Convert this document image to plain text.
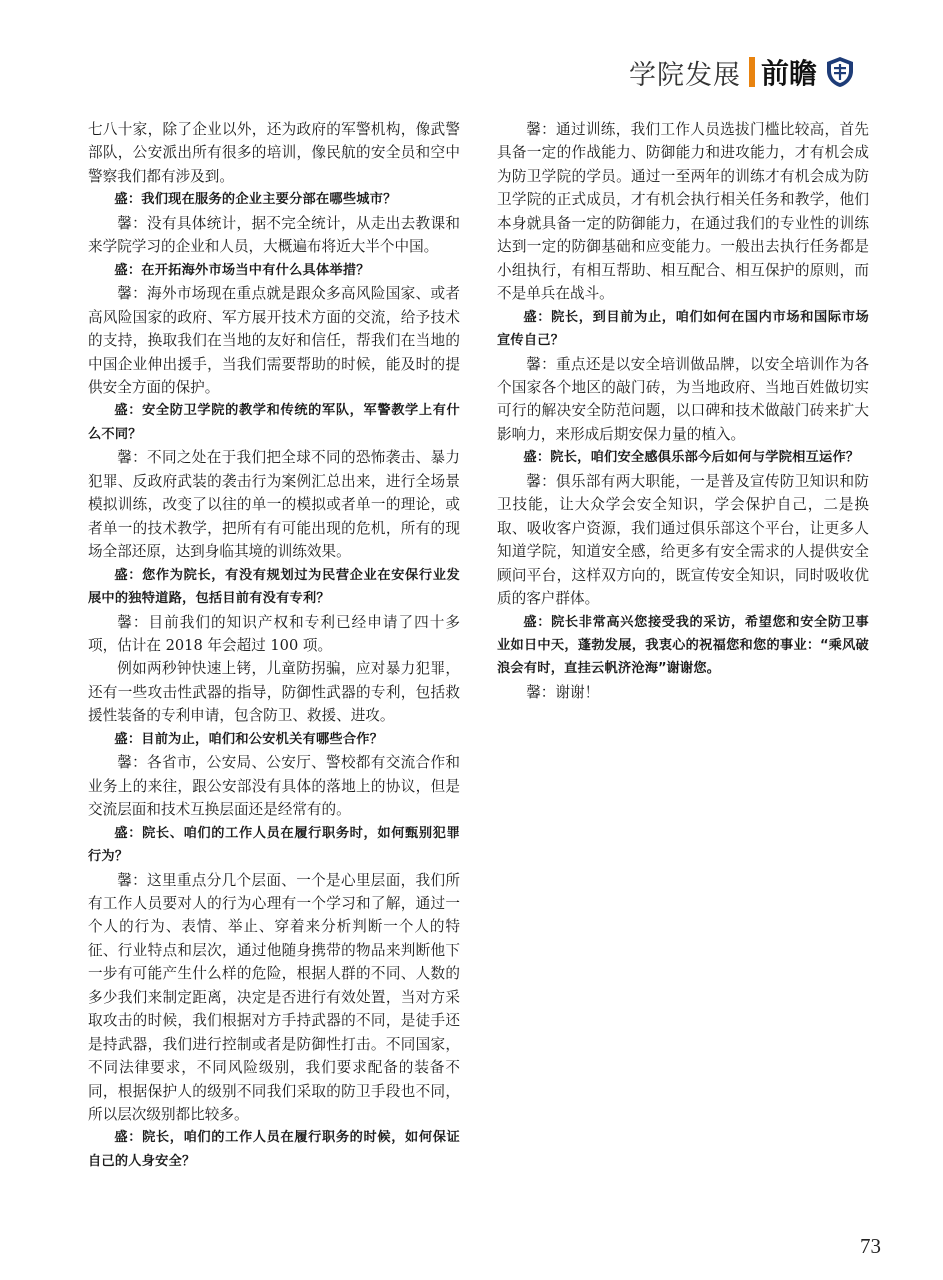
学院发展 前瞻

七八十家，除了企业以外，还为政府的军警机构，像武警部队，公安派出所有很多的培训，像民航的安全员和空中警察我们都有涉及到。

盛：我们现在服务的企业主要分部在哪些城市？

馨：没有具体统计，据不完全统计，从走出去教课和来学院学习的企业和人员，大概遍布将近大半个中国。

盛：在开拓海外市场当中有什么具体举措？

馨：海外市场现在重点就是跟众多高风险国家、或者高风险国家的政府、军方展开技术方面的交流，给予技术的支持，换取我们在当地的友好和信任，帮我们在当地的中国企业伸出援手，当我们需要帮助的时候，能及时的提供安全方面的保护。

盛：安全防卫学院的教学和传统的军队，军警教学上有什么不同？

馨：不同之处在于我们把全球不同的恐怖袭击、暴力犯罪、反政府武装的袭击行为案例汇总出来，进行全场景模拟训练，改变了以往的单一的模拟或者单一的理论，或者单一的技术教学，把所有有可能出现的危机，所有的现场全部还原，达到身临其境的训练效果。

盛：您作为院长，有没有规划过为民营企业在安保行业发展中的独特道路，包括目前有没有专利？

馨：目前我们的知识产权和专利已经申请了四十多项，估计在 2018 年会超过 100 项。

例如两秒钟快速上铐，儿童防拐骗，应对暴力犯罪，还有一些攻击性武器的指导，防御性武器的专利，包括救援性装备的专利申请，包含防卫、救援、进攻。

盛：目前为止，咱们和公安机关有哪些合作？

馨：各省市，公安局、公安厅、警校都有交流合作和业务上的来往，跟公安部没有具体的落地上的协议，但是交流层面和技术互换层面还是经常有的。

盛：院长、咱们的工作人员在履行职务时，如何甄别犯罪行为？

馨：这里重点分几个层面、一个是心里层面，我们所有工作人员要对人的行为心理有一个学习和了解，通过一个人的行为、表情、举止、穿着来分析判断一个人的特征、行业特点和层次，通过他随身携带的物品来判断他下一步有可能产生什么样的危险，根据人群的不同、人数的多少我们来制定距离，决定是否进行有效处置，当对方采取攻击的时候，我们根据对方手持武器的不同，是徒手还是持武器，我们进行控制或者是防御性打击。不同国家，不同法律要求，不同风险级别，我们要求配备的装备不同，根据保护人的级别不同我们采取的防卫手段也不同，所以层次级别都比较多。

盛：院长，咱们的工作人员在履行职务的时候，如何保证自己的人身安全？

馨：通过训练，我们工作人员选拔门槛比较高，首先具备一定的作战能力、防御能力和进攻能力，才有机会成为防卫学院的学员。通过一至两年的训练才有机会成为防卫学院的正式成员，才有机会执行相关任务和教学，他们本身就具备一定的防御能力，在通过我们的专业性的训练达到一定的防御基础和应变能力。一般出去执行任务都是小组执行，有相互帮助、相互配合、相互保护的原则，而不是单兵在战斗。

盛：院长，到目前为止，咱们如何在国内市场和国际市场宣传自己？

馨：重点还是以安全培训做品牌，以安全培训作为各个国家各个地区的敲门砖，为当地政府、当地百姓做切实可行的解决安全防范问题，以口碑和技术做敲门砖来扩大影响力，来形成后期安保力量的植入。

盛：院长，咱们安全感俱乐部今后如何与学院相互运作？

馨：俱乐部有两大职能，一是普及宣传防卫知识和防卫技能，让大众学会安全知识，学会保护自己，二是换取、吸收客户资源，我们通过俱乐部这个平台，让更多人知道学院，知道安全感，给更多有安全需求的人提供安全顾问平台，这样双方向的，既宣传安全知识，同时吸收优质的客户群体。

盛：院长非常高兴您接受我的采访，希望您和安全防卫事业如日中天，蓬勃发展，我衷心的祝福您和您的事业：“乘风破浪会有时，直挂云帆济沧海”谢谢您。

馨：谢谢！

73
